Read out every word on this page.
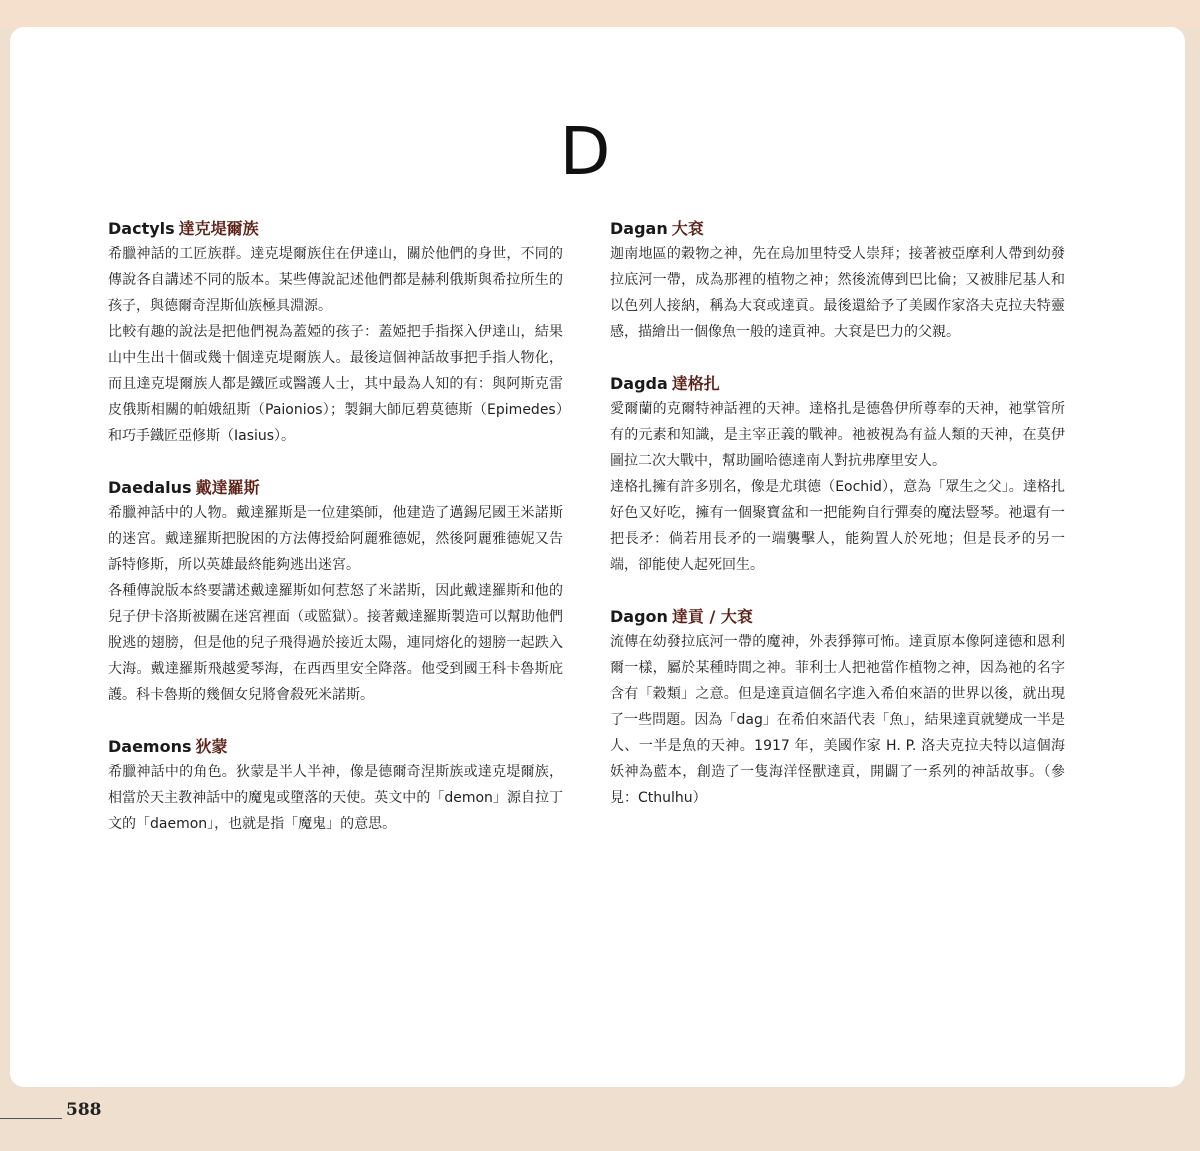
D
Dactyls 達克堤爾族

希臘神話的工匠族群。達克堤爾族住在伊達山，關於他們的身世，不同的傳說各自講述不同的版本。某些傳說記述他們都是赫利俄斯與希拉所生的孩子，與德爾奇涅斯仙族極具淵源。

比較有趣的說法是把他們視為蓋婭的孩子：蓋婭把手指探入伊達山，結果山中生出十個或幾十個達克堤爾族人。最後這個神話故事把手指人物化，而且達克堤爾族人都是鐵匠或醫護人士，其中最為人知的有：與阿斯克雷皮俄斯相關的帕娥紐斯（Paionios）；製銅大師厄碧莫德斯（Epimedes）和巧手鐵匠亞修斯（Iasius）。

Daedalus 戴達羅斯

希臘神話中的人物。戴達羅斯是一位建築師，他建造了邁錫尼國王米諾斯的迷宮。戴達羅斯把脫困的方法傳授給阿麗雅德妮，然後阿麗雅德妮又告訴特修斯，所以英雄最終能夠逃出迷宮。

各種傳說版本終要講述戴達羅斯如何惹怒了米諾斯，因此戴達羅斯和他的兒子伊卡洛斯被關在迷宮裡面（或監獄）。接著戴達羅斯製造可以幫助他們脫逃的翅膀，但是他的兒子飛得過於接近太陽，連同熔化的翅膀一起跌入大海。戴達羅斯飛越愛琴海，在西西里安全降落。他受到國王科卡魯斯庇護。科卡魯斯的幾個女兒將會殺死米諾斯。

Daemons 狄蒙

希臘神話中的角色。狄蒙是半人半神，像是德爾奇涅斯族或達克堤爾族，相當於天主教神話中的魔鬼或墮落的天使。英文中的「demon」源自拉丁文的「daemon」，也就是指「魔鬼」的意思。

Dagan 大袞

迦南地區的穀物之神，先在烏加里特受人崇拜；接著被亞摩利人帶到幼發拉底河一帶，成為那裡的植物之神；然後流傳到巴比倫；又被腓尼基人和以色列人接納，稱為大袞或達貢。最後還給予了美國作家洛夫克拉夫特靈感，描繪出一個像魚一般的達貢神。大袞是巴力的父親。

Dagda 達格扎

愛爾蘭的克爾特神話裡的天神。達格扎是德魯伊所尊奉的天神，祂掌管所有的元素和知識，是主宰正義的戰神。祂被視為有益人類的天神，在莫伊圖拉二次大戰中，幫助圖哈德達南人對抗弗摩里安人。

達格扎擁有許多別名，像是尤琪德（Eochid），意為「眾生之父」。達格扎好色又好吃，擁有一個聚寶盆和一把能夠自行彈奏的魔法豎琴。祂還有一把長矛：倘若用長矛的一端襲擊人，能夠置人於死地；但是長矛的另一端，卻能使人起死回生。

Dagon 達貢 / 大袞

流傳在幼發拉底河一帶的魔神，外表猙獰可怖。達貢原本像阿達德和恩利爾一樣，屬於某種時間之神。菲利士人把祂當作植物之神，因為祂的名字含有「穀類」之意。但是達貢這個名字進入希伯來語的世界以後，就出現了一些問題。因為「dag」在希伯來語代表「魚」，結果達貢就變成一半是人、一半是魚的天神。1917 年，美國作家 H. P. 洛夫克拉夫特以這個海妖神為藍本，創造了一隻海洋怪獸達貢，開闢了一系列的神話故事。（參見：Cthulhu）

588
